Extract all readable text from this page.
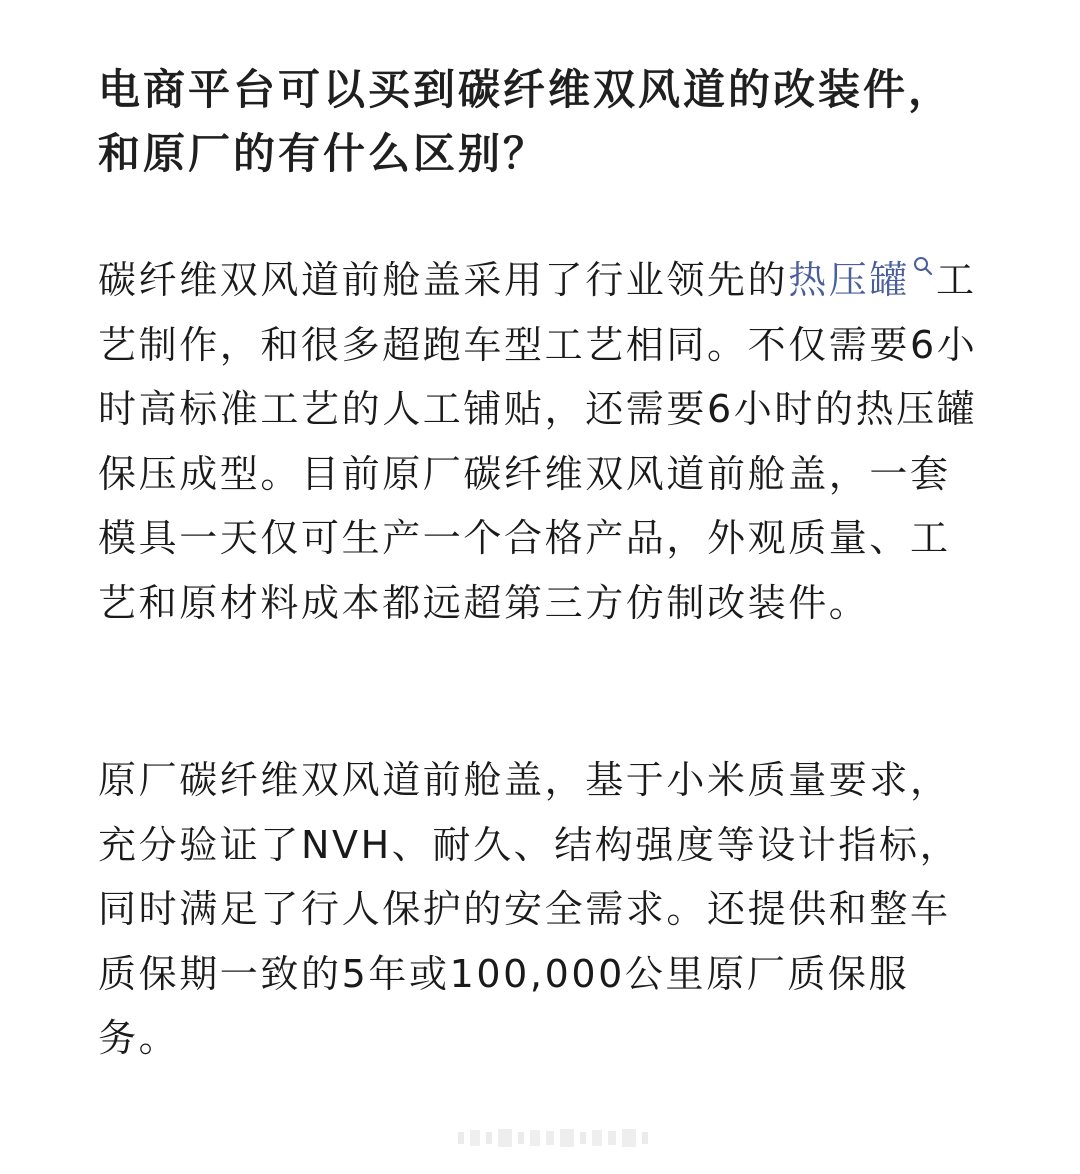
电商平台可以买到碳纤维双风道的改装件，和原厂的有什么区别？

碳纤维双风道前舱盖采用了行业领先的热压罐 工艺制作，和很多超跑车型工艺相同。不仅需要6小时高标准工艺的人工铺贴，还需要6小时的热压罐保压成型。目前原厂碳纤维双风道前舱盖，一套模具一天仅可生产一个合格产品，外观质量、工艺和原材料成本都远超第三方仿制改装件。

原厂碳纤维双风道前舱盖，基于小米质量要求，充分验证了NVH、耐久、结构强度等设计指标，同时满足了行人保护的安全需求。还提供和整车质保期一致的5年或100,000公里原厂质保服务。
